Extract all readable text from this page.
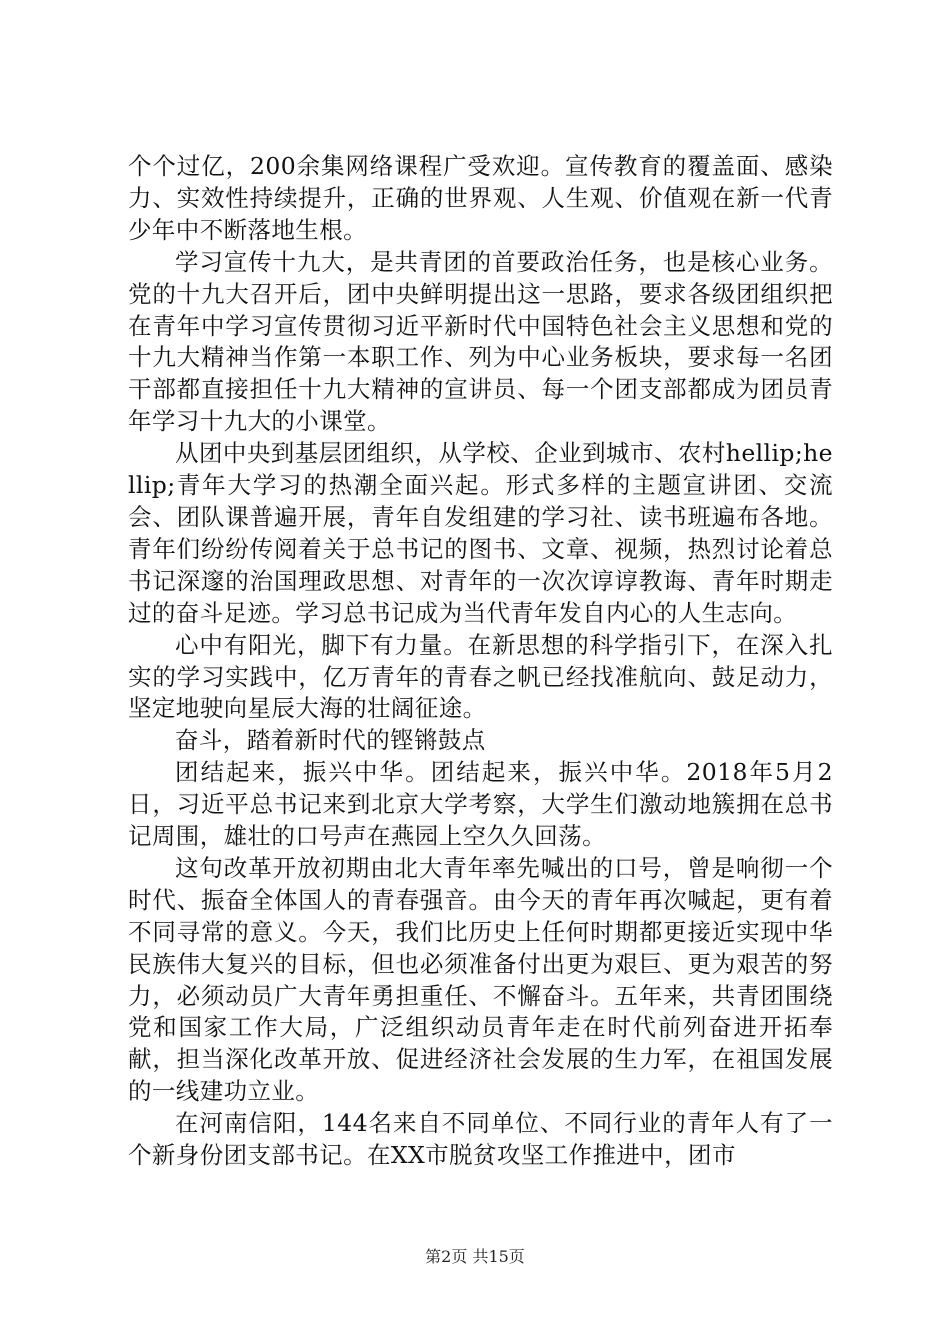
个个过亿，200余集网络课程广受欢迎。宣传教育的覆盖面、感染力、实效性持续提升，正确的世界观、人生观、价值观在新一代青少年中不断落地生根。

学习宣传十九大，是共青团的首要政治任务，也是核心业务。党的十九大召开后，团中央鲜明提出这一思路，要求各级团组织把在青年中学习宣传贯彻习近平新时代中国特色社会主义思想和党的十九大精神当作第一本职工作、列为中心业务板块，要求每一名团干部都直接担任十九大精神的宣讲员、每一个团支部都成为团员青年学习十九大的小课堂。

从团中央到基层团组织，从学校、企业到城市、农村hellip;hellip;青年大学习的热潮全面兴起。形式多样的主题宣讲团、交流会、团队课普遍开展，青年自发组建的学习社、读书班遍布各地。青年们纷纷传阅着关于总书记的图书、文章、视频，热烈讨论着总书记深邃的治国理政思想、对青年的一次次谆谆教诲、青年时期走过的奋斗足迹。学习总书记成为当代青年发自内心的人生志向。

心中有阳光，脚下有力量。在新思想的科学指引下，在深入扎实的学习实践中，亿万青年的青春之帆已经找准航向、鼓足动力，坚定地驶向星辰大海的壮阔征途。

奋斗，踏着新时代的铿锵鼓点

团结起来，振兴中华。团结起来，振兴中华。2018年5月2日，习近平总书记来到北京大学考察，大学生们激动地簇拥在总书记周围，雄壮的口号声在燕园上空久久回荡。

这句改革开放初期由北大青年率先喊出的口号，曾是响彻一个时代、振奋全体国人的青春强音。由今天的青年再次喊起，更有着不同寻常的意义。今天，我们比历史上任何时期都更接近实现中华民族伟大复兴的目标，但也必须准备付出更为艰巨、更为艰苦的努力，必须动员广大青年勇担重任、不懈奋斗。五年来，共青团围绕党和国家工作大局，广泛组织动员青年走在时代前列奋进开拓奉献，担当深化改革开放、促进经济社会发展的生力军，在祖国发展的一线建功立业。

在河南信阳，144名来自不同单位、不同行业的青年人有了一个新身份团支部书记。在XX市脱贫攻坚工作推进中，团市

第2页 共15页
